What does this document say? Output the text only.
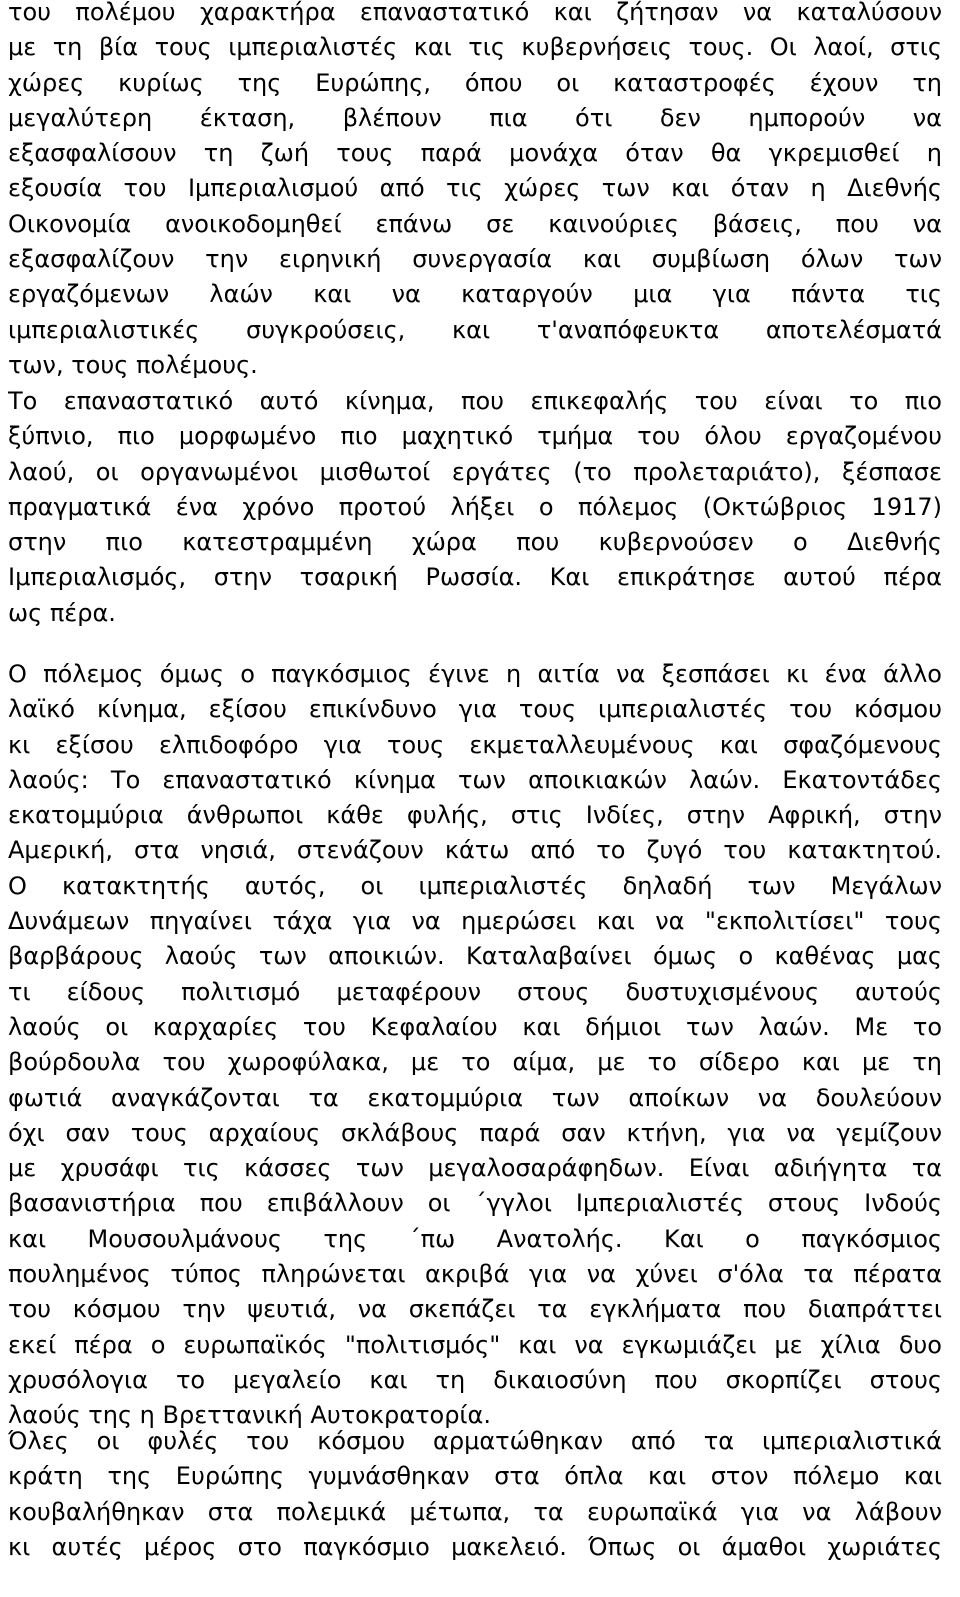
του πολέμου χαρακτήρα επαναστατικό και ζήτησαν να καταλύσουν
με τη βία τους ιμπεριαλιστές και τις κυβερνήσεις τους. Οι λαοί, στις
χώρες κυρίως της Ευρώπης, όπου οι καταστροφές έχουν τη
μεγαλύτερη έκταση, βλέπουν πια ότι δεν ημπορούν να
εξασφαλίσουν τη ζωή τους παρά μονάχα όταν θα γκρεμισθεί η
εξουσία του Ιμπεριαλισμού από τις χώρες των και όταν η Διεθνής
Οικονομία ανοικοδομηθεί επάνω σε καινούριες βάσεις, που να
εξασφαλίζουν την ειρηνική συνεργασία και συμβίωση όλων των
εργαζόμενων λαών και να καταργούν μια για πάντα τις
ιμπεριαλιστικές συγκρούσεις, και τ'αναπόφευκτα αποτελέσματά
των, τους πολέμους.
Το επαναστατικό αυτό κίνημα, που επικεφαλής του είναι το πιο
ξύπνιο, πιο μορφωμένο πιο μαχητικό τμήμα του όλου εργαζομένου
λαού, οι οργανωμένοι μισθωτοί εργάτες (το προλεταριάτο), ξέσπασε
πραγματικά ένα χρόνο προτού λήξει ο πόλεμος (Οκτώβριος 1917)
στην πιο κατεστραμμένη χώρα που κυβερνούσεν ο Διεθνής
Ιμπεριαλισμός, στην τσαρική Ρωσσία. Και επικράτησε αυτού πέρα
ως πέρα.
Ο πόλεμος όμως ο παγκόσμιος έγινε η αιτία να ξεσπάσει κι ένα άλλο
λαϊκό κίνημα, εξίσου επικίνδυνο για τους ιμπεριαλιστές του κόσμου
κι εξίσου ελπιδοφόρο για τους εκμεταλλευμένους και σφαζόμενους
λαούς: Το επαναστατικό κίνημα των αποικιακών λαών. Εκατοντάδες
εκατομμύρια άνθρωποι κάθε φυλής, στις Ινδίες, στην Αφρική, στην
Αμερική, στα νησιά, στενάζουν κάτω από το ζυγό του κατακτητού.
Ο κατακτητής αυτός, οι ιμπεριαλιστές δηλαδή των Μεγάλων
Δυνάμεων πηγαίνει τάχα για να ημερώσει και να "εκπολιτίσει" τους
βαρβάρους λαούς των αποικιών. Καταλαβαίνει όμως ο καθένας μας
τι είδους πολιτισμό μεταφέρουν στους δυστυχισμένους αυτούς
λαούς οι καρχαρίες του Κεφαλαίου και δήμιοι των λαών. Με το
βούρδουλα του χωροφύλακα, με το αίμα, με το σίδερο και με τη
φωτιά αναγκάζονται τα εκατομμύρια των αποίκων να δουλεύουν
όχι σαν τους αρχαίους σκλάβους παρά σαν κτήνη, για να γεμίζουν
με χρυσάφι τις κάσσες των μεγαλοσαράφηδων. Είναι αδιήγητα τα
βασανιστήρια που επιβάλλουν οι ΄γγλοι Ιμπεριαλιστές στους Ινδούς
και Μουσουλμάνους της ΄πω Ανατολής. Και ο παγκόσμιος
πουλημένος τύπος πληρώνεται ακριβά για να χύνει σ'όλα τα πέρατα
του κόσμου την ψευτιά, να σκεπάζει τα εγκλήματα που διαπράττει
εκεί πέρα ο ευρωπαϊκός "πολιτισμός" και να εγκωμιάζει με χίλια δυο
χρυσόλογια το μεγαλείο και τη δικαιοσύνη που σκορπίζει στους
λαούς της η Βρεττανική Αυτοκρατορία.
Όλες οι φυλές του κόσμου αρματώθηκαν από τα ιμπεριαλιστικά
κράτη της Ευρώπης γυμνάσθηκαν στα όπλα και στον πόλεμο και
κουβαλήθηκαν στα πολεμικά μέτωπα, τα ευρωπαϊκά για να λάβουν
κι αυτές μέρος στο παγκόσμιο μακελειό. Όπως οι άμαθοι χωριάτες
